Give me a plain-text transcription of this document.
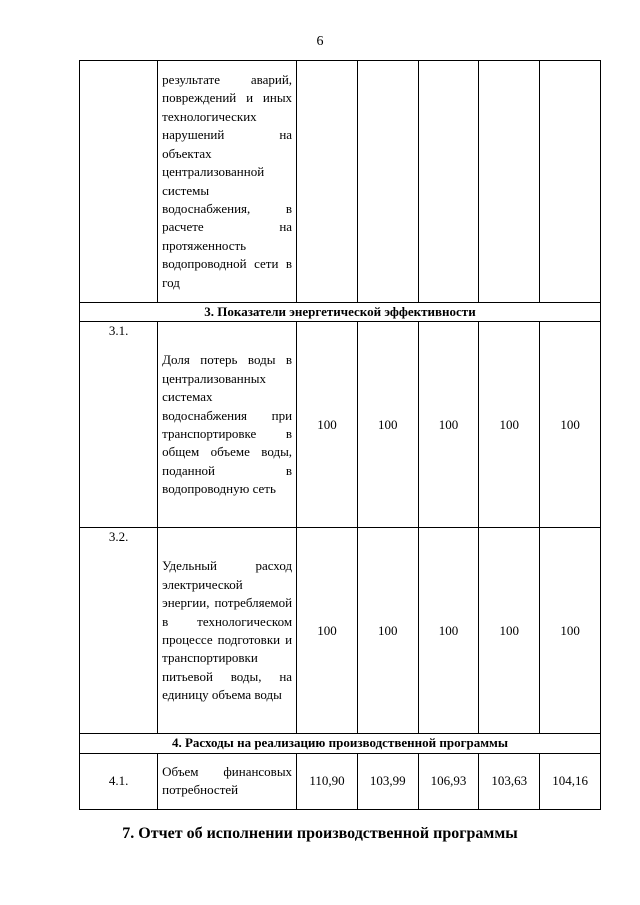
6
	результате аварий, повреждений и иных технологических нарушений на объектах централизованной системы водоснабжения, в расчете на протяженность водопроводной сети в год					
3. Показатели энергетической эффективности						
3.1.	Доля потерь воды в централизованных системах водоснабжения при транспортировке в общем объеме воды, поданной в водопроводную сеть	100	100	100	100	100
3.2.	Удельный расход электрической энергии, потребляемой в технологическом процессе подготовки и транспортировки питьевой воды, на единицу объема воды	100	100	100	100	100
4. Расходы на реализацию производственной программы						
4.1.	Объем финансовых потребностей	110,90	103,99	106,93	103,63	104,16
7. Отчет об исполнении производственной программы
